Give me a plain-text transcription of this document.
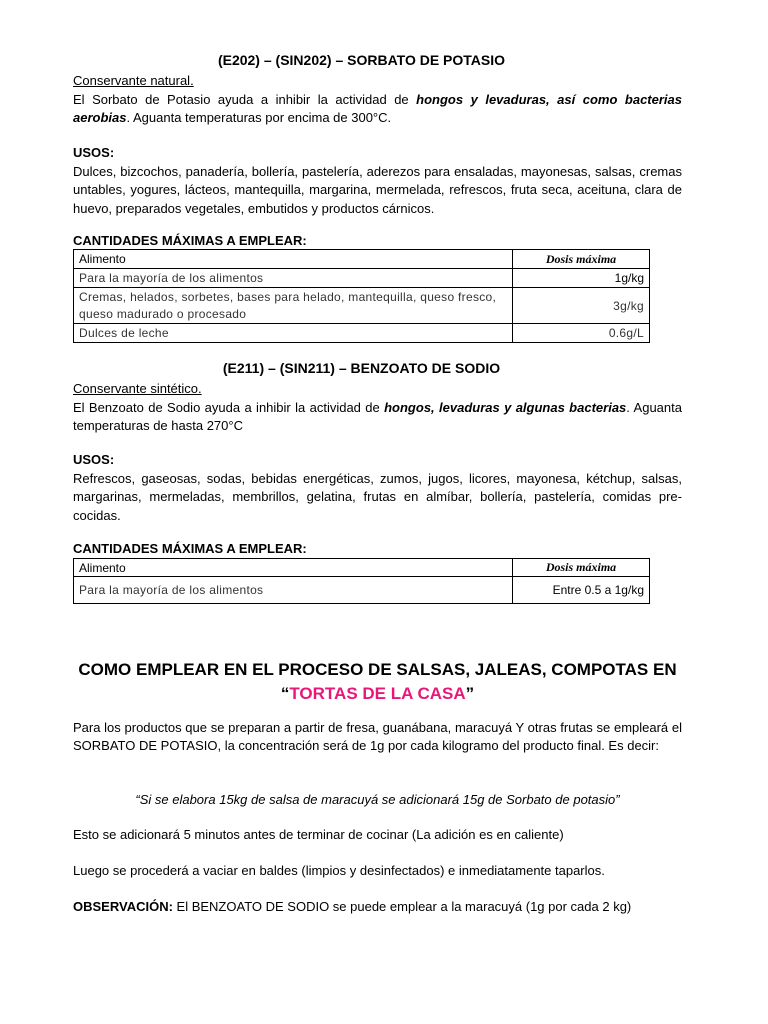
(E202) – (SIN202) – SORBATO DE POTASIO
Conservante natural.
El Sorbato de Potasio ayuda a inhibir la actividad de hongos y levaduras, así como bacterias aerobias. Aguanta temperaturas por encima de 300°C.
USOS:
Dulces, bizcochos, panadería, bollería, pastelería, aderezos para ensaladas, mayonesas, salsas, cremas untables, yogures, lácteos, mantequilla, margarina, mermelada, refrescos, fruta seca, aceituna, clara de huevo, preparados vegetales, embutidos y productos cárnicos.
CANTIDADES MÁXIMAS A EMPLEAR:
Alimento	Dosis máxima
Para la mayoría de los alimentos	1g/kg
Cremas, helados, sorbetes, bases para helado, mantequilla, queso fresco, queso madurado o procesado	3g/kg
Dulces de leche	0.6g/L
(E211) – (SIN211) – BENZOATO DE SODIO
Conservante sintético.
El Benzoato de Sodio ayuda a inhibir la actividad de hongos, levaduras y algunas bacterias. Aguanta temperaturas de hasta 270°C
USOS:
Refrescos, gaseosas, sodas, bebidas energéticas, zumos, jugos, licores, mayonesa, kétchup, salsas, margarinas, mermeladas, membrillos, gelatina, frutas en almíbar, bollería, pastelería, comidas pre-cocidas.
CANTIDADES MÁXIMAS A EMPLEAR:
Alimento	Dosis máxima
Para la mayoría de los alimentos	Entre 0.5 a 1g/kg
COMO EMPLEAR EN EL PROCESO DE SALSAS, JALEAS, COMPOTAS EN
“TORTAS DE LA CASA”
Para los productos que se preparan a partir de fresa, guanábana, maracuyá Y otras frutas se empleará el SORBATO DE POTASIO, la concentración será de 1g por cada kilogramo del producto final. Es decir:
“Si se elabora 15kg de salsa de maracuyá se adicionará 15g de Sorbato de potasio”
Esto se adicionará 5 minutos antes de terminar de cocinar (La adición es en caliente)
Luego se procederá a vaciar en baldes (limpios y desinfectados) e inmediatamente taparlos.
OBSERVACIÓN: El BENZOATO DE SODIO se puede emplear a la maracuyá (1g por cada 2 kg)
